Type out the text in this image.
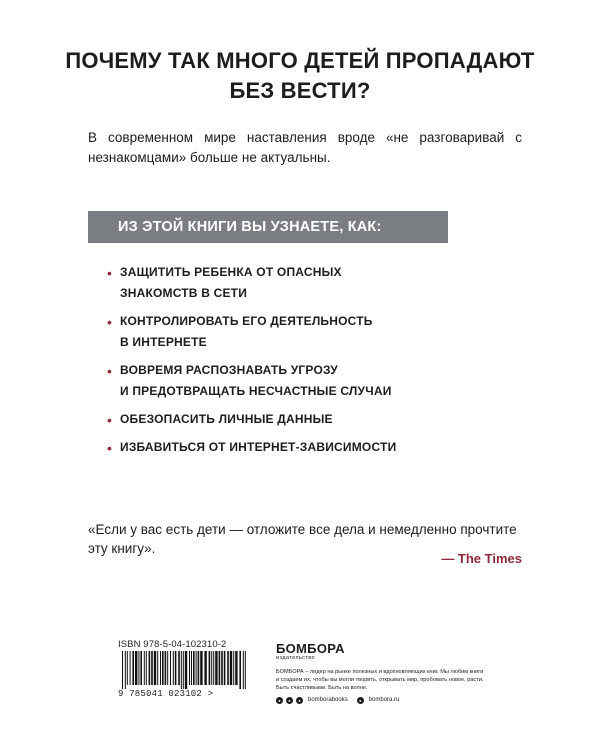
ПОЧЕМУ ТАК МНОГО ДЕТЕЙ ПРОПАДАЮТ
БЕЗ ВЕСТИ?
В современном мире наставления вроде «не разговаривай с незнакомцами» больше не актуальны.
ИЗ ЭТОЙ КНИГИ ВЫ УЗНАЕТЕ, КАК:
• ЗАЩИТИТЬ РЕБЕНКА ОТ ОПАСНЫХ
ЗНАКОМСТВ В СЕТИ
• КОНТРОЛИРОВАТЬ ЕГО ДЕЯТЕЛЬНОСТЬ
В ИНТЕРНЕТЕ
• ВОВРЕМЯ РАСПОЗНАВАТЬ УГРОЗУ
И ПРЕДОТВРАЩАТЬ НЕСЧАСТНЫЕ СЛУЧАИ
• ОБЕЗОПАСИТЬ ЛИЧНЫЕ ДАННЫЕ
• ИЗБАВИТЬСЯ ОТ ИНТЕРНЕТ-ЗАВИСИМОСТИ
«Если у вас есть дети — отложите все дела и немедленно прочтите эту книгу».
— The Times
ISBN 978-5-04-102310-2
9 785041 023102 >
БОМБОРА
издательство
БОМБОРА – лидер на рынке полезных и вдохновляющих книг. Мы любим книги и создаем их, чтобы вы могли творить, открывать мир, пробовать новое, расти. Быть счастливыми. Быть на волне.
●	●	●	bomborabooks	●	bombora.ru
